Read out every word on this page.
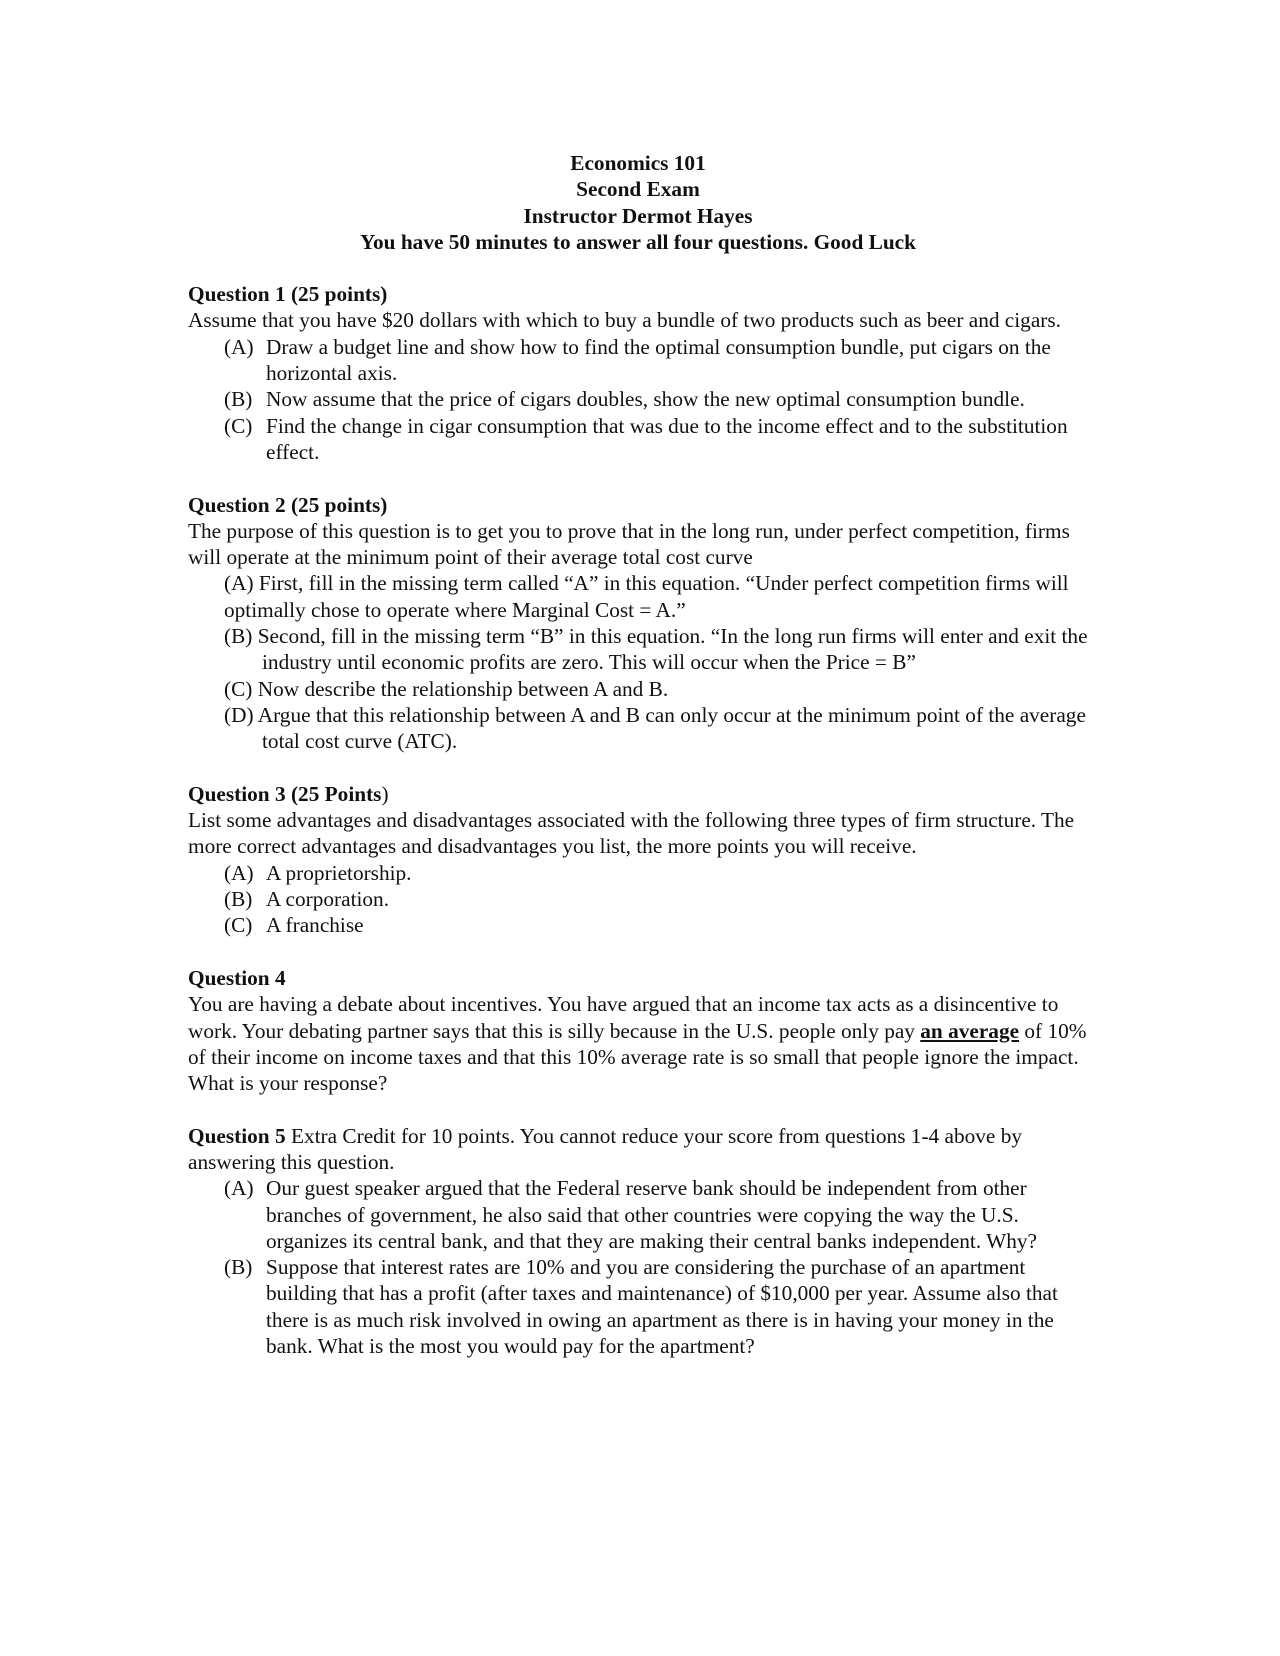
Economics 101
Second Exam
Instructor Dermot Hayes
You have 50 minutes to answer all four questions. Good Luck
Question 1 (25 points)
Assume that you have $20 dollars with which to buy a bundle of two products such as beer and cigars.
(A) Draw a budget line and show how to find the optimal consumption bundle, put cigars on the horizontal axis.
(B) Now assume that the price of cigars doubles, show the new optimal consumption bundle.
(C) Find the change in cigar consumption that was due to the income effect and to the substitution effect.
Question 2 (25 points)
The purpose of this question is to get you to prove that in the long run, under perfect competition, firms will operate at the minimum point of their average total cost curve
(A) First, fill in the missing term called “A” in this equation. “Under perfect competition firms will optimally chose to operate where Marginal Cost = A.”
(B) Second, fill in the missing term “B” in this equation. “In the long run firms will enter and exit the industry until economic profits are zero. This will occur when the Price = B”
(C) Now describe the relationship between A and B.
(D) Argue that this relationship between A and B can only occur at the minimum point of the average total cost curve (ATC).
Question 3 (25 Points)
List some advantages and disadvantages associated with the following three types of firm structure. The more correct advantages and disadvantages you list, the more points you will receive.
(A) A proprietorship.
(B) A corporation.
(C) A franchise
Question 4
You are having a debate about incentives. You have argued that an income tax acts as a disincentive to work. Your debating partner says that this is silly because in the U.S. people only pay an average of 10% of their income on income taxes and that this 10% average rate is so small that people ignore the impact. What is your response?
Question 5 Extra Credit for 10 points. You cannot reduce your score from questions 1-4 above by answering this question.
(A) Our guest speaker argued that the Federal reserve bank should be independent from other branches of government, he also said that other countries were copying the way the U.S. organizes its central bank, and that they are making their central banks independent. Why?
(B) Suppose that interest rates are 10% and you are considering the purchase of an apartment building that has a profit (after taxes and maintenance) of $10,000 per year. Assume also that there is as much risk involved in owing an apartment as there is in having your money in the bank. What is the most you would pay for the apartment?
